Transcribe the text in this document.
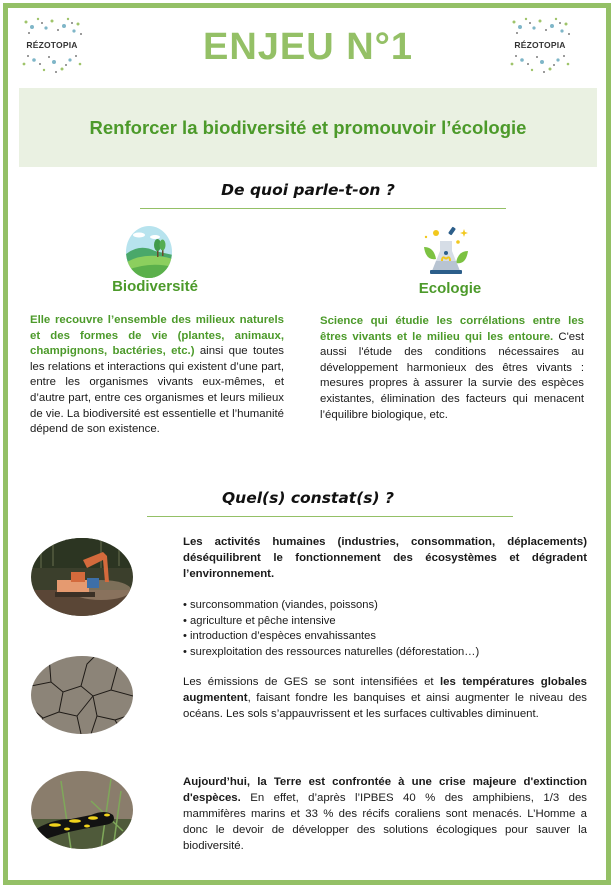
RÉZOTOPIA	RÉZOTOPIA
ENJEU N°1
Renforcer la biodiversité et promouvoir l’écologie
De quoi parle-t-on ?
Biodiversité

Elle recouvre l’ensemble des milieux naturels et des formes de vie (plantes, animaux, champignons, bactéries, etc.) ainsi que toutes les relations et interactions qui existent d’une part, entre les organismes vivants eux-mêmes, et d’autre part, entre ces organismes et leurs milieux de vie. La biodiversité est essentielle et l’humanité dépend de son existence.

Ecologie

Science qui étudie les corrélations entre les êtres vivants et le milieu qui les entoure. C'est aussi l'étude des conditions nécessaires au développement harmonieux des êtres vivants : mesures propres à assurer la survie des espèces existantes, élimination des facteurs qui menacent l’équilibre biologique, etc.

Quel(s) constat(s) ?

Les activités humaines (industries, consommation, déplacements) déséquilibrent le fonctionnement des écosystèmes et dégradent l’environnement.

• surconsommation (viandes, poissons)
• agriculture et pêche intensive
• introduction d’espèces envahissantes
• surexploitation des ressources naturelles (déforestation…)

Les émissions de GES se sont intensifiées et les températures globales augmentent, faisant fondre les banquises et ainsi augmenter le niveau des océans. Les sols s’appauvrissent et les surfaces cultivables diminuent.

Aujourd’hui, la Terre est confrontée à une crise majeure d'extinction d'espèces. En effet, d’après l’IPBES 40 % des amphibiens, 1/3 des mammifères marins et 33 % des récifs coraliens sont menacés. L’Homme a donc le devoir de développer des solutions écologiques pour sauver la biodiversité.
